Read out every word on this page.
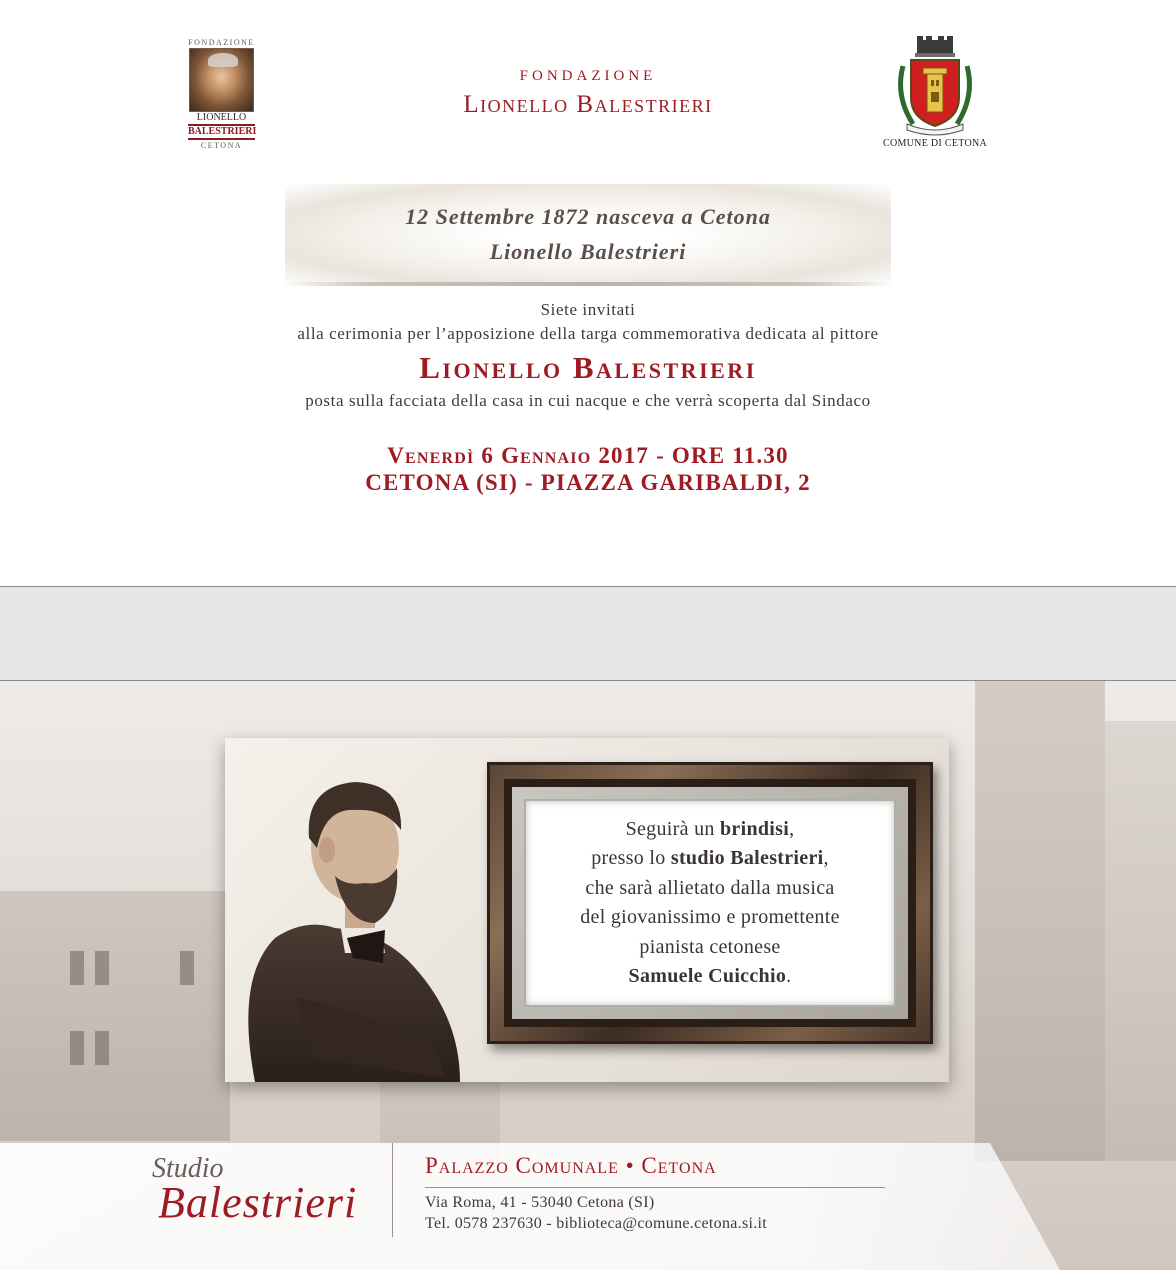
FONDAZIONE
LIONELLO
BALESTRIERI
CETONA
FONDAZIONE
Lionello Balestrieri
COMUNE DI CETONA
12 Settembre 1872 nasceva a Cetona
Lionello Balestrieri
Siete invitati
alla cerimonia per l’apposizione della targa commemorativa dedicata al pittore
Lionello Balestrieri
posta sulla facciata della casa in cui nacque e che verrà scoperta dal Sindaco
Venerdì 6 Gennaio 2017 - ORE 11.30
CETONA (SI) - PIAZZA GARIBALDI, 2
Seguirà un brindisi,
presso lo studio Balestrieri,
che sarà allietato dalla musica
del giovanissimo e promettente
pianista cetonese
Samuele Cuicchio.
Studio
Balestrieri
Palazzo Comunale • Cetona
Via Roma, 41 - 53040 Cetona (SI)
Tel. 0578 237630 - biblioteca@comune.cetona.si.it
